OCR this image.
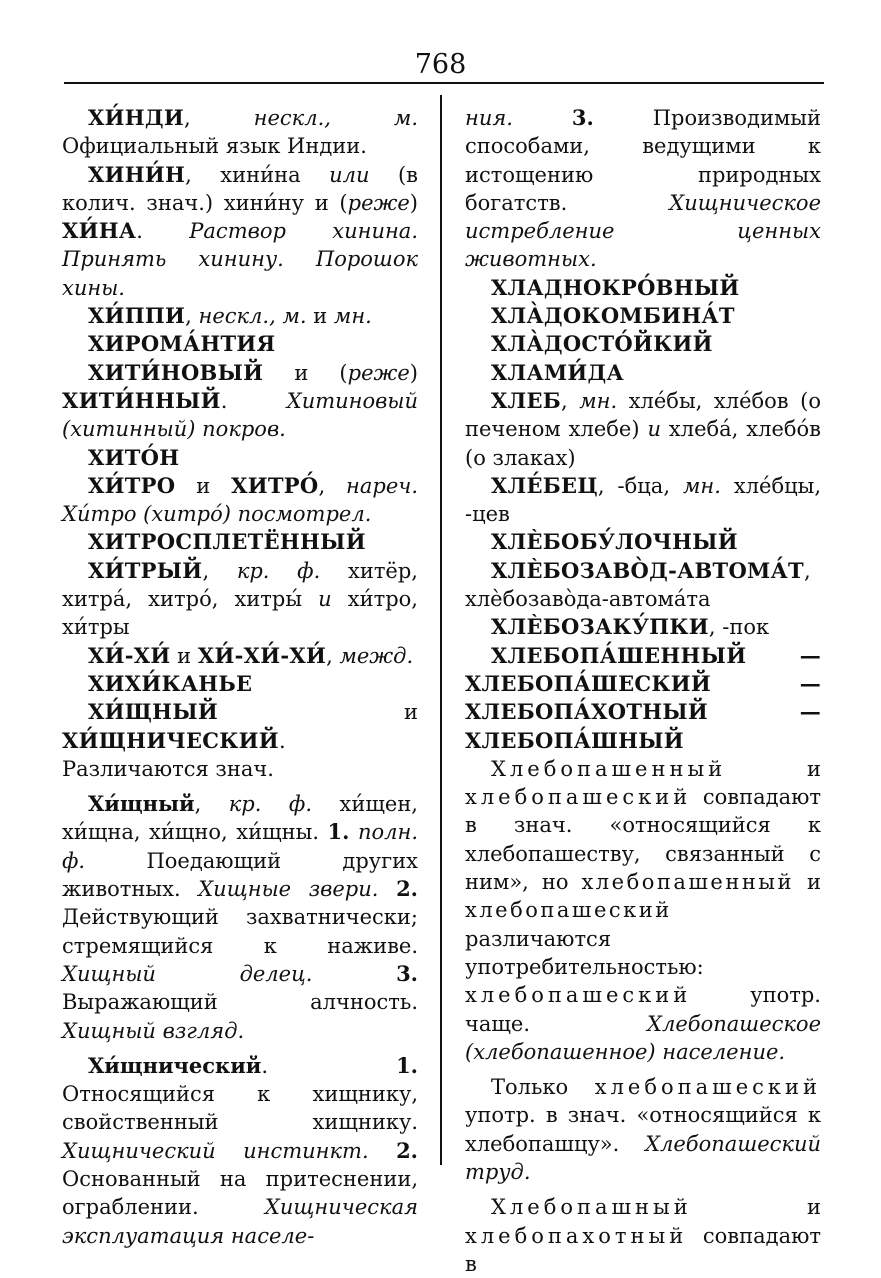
768

ХИ́НДИ, нескл., м. Официальный язык Индии.

ХИНИ́Н, хини́на или (в колич. знач.) хини́ну и (реже) ХИ́НА. Раствор хинина. Принять хинину. Порошок хины.

ХИ́ППИ, нескл., м. и мн.

ХИРОМА́НТИЯ

ХИТИ́НОВЫЙ и (реже) ХИТИ́ННЫЙ. Хитиновый (хитинный) покров.

ХИТО́Н

ХИ́ТРО и ХИТРО́, нареч. Хи́тро (хитро́) посмотрел.

ХИТРОСПЛЕТЁННЫЙ

ХИ́ТРЫЙ, кр. ф. хитёр, хитра́, хитро́, хитры́ и хи́тро, хи́тры

ХИ́-ХИ́ и ХИ́-ХИ́-ХИ́, межд.

ХИХИ́КАНЬЕ

ХИ́ЩНЫЙ и ХИ́ЩНИЧЕСКИЙ. Различаются знач.

Хи́щный, кр. ф. хи́щен, хи́щна, хи́щно, хи́щны. 1. полн. ф. Поедающий других животных. Хищные звери. 2. Действующий захватнически; стремящийся к наживе. Хищный делец.	3. Выражающий алчность. Хищный взгляд.

Хи́щнический. 1. Относящийся к хищнику, свойственный хищнику. Хищнический инстинкт. 2. Основанный на притеснении, ограблении. Хищническая эксплуатация населе-

ния.	3. Производимый способами, ведущими к истощению природных богатств. Хищническое истребление ценных животных.

ХЛАДНОКРО́ВНЫЙ

ХЛА̀ДОКОМБИНА́Т

ХЛА̀ДОСТО́ЙКИЙ

ХЛАМИ́ДА

ХЛЕБ, мн. хле́бы, хле́бов (о печеном хлебе) и хлеба́, хлебо́в (о злаках)

ХЛЕ́БЕЦ, -бца, мн. хле́бцы, -цев

ХЛЀБОБУ́ЛОЧНЫЙ

ХЛЀБОЗАВО̀Д-АВТОМА́Т, хлѐбозаво̀да-автома́та

ХЛЀБОЗАКУ́ПКИ, -пок

ХЛЕБОПА́ШЕННЫЙ — ХЛЕБОПА́ШЕСКИЙ — ХЛЕБОПА́ХОТНЫЙ — ХЛЕБОПА́ШНЫЙ

Хлебопашенный и хлебопашеский совпадают в знач. «относящийся к хлебопашеству, связанный с ним», но хлебопашенный и хлебопашеский различаются употребительностью: хлебопашеский употр. чаще. Хлебопашеское (хлебопашенное) население.

Только хлебопашеский употр. в знач. «относящийся к хлебопашцу». Хлебопашеский труд.

Хлебопашный и хлебопахотный совпадают в
